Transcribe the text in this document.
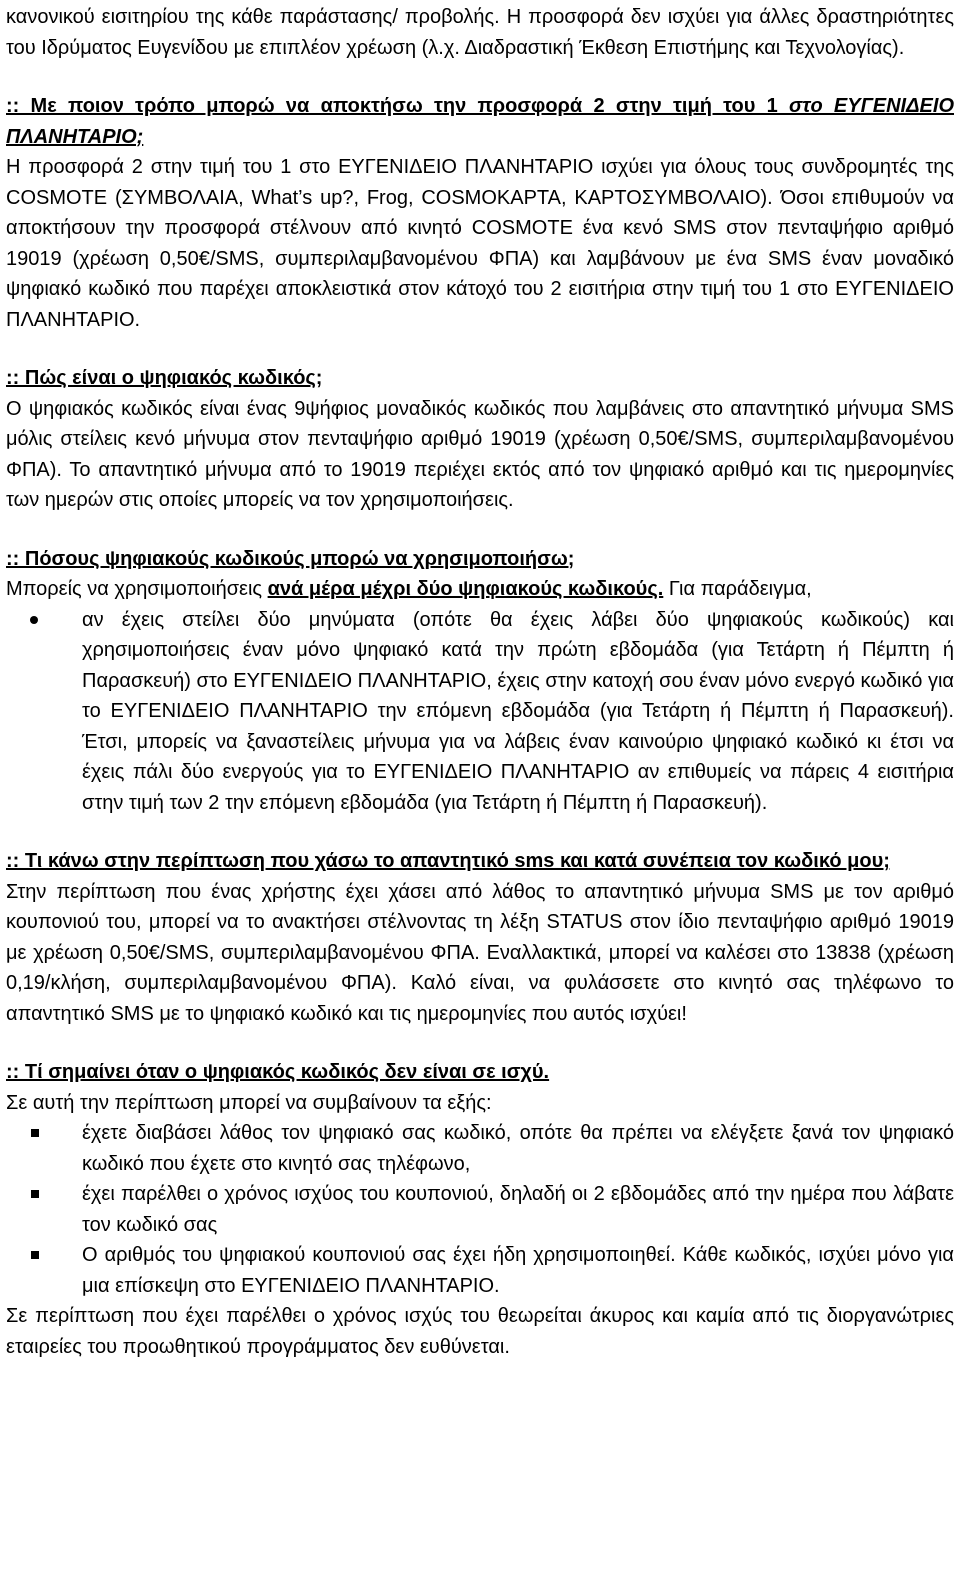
κανονικού εισιτηρίου της κάθε παράστασης/ προβολής. Η προσφορά δεν ισχύει για άλλες δραστηριότητες του Ιδρύματος Ευγενίδου με επιπλέον χρέωση (λ.χ. Διαδραστική Έκθεση Επιστήμης και Τεχνολογίας).

:: Με ποιον τρόπο μπορώ να αποκτήσω την προσφορά 2 στην τιμή του 1 στο ΕΥΓΕΝΙΔΕΙΟ ΠΛΑΝΗΤΑΡΙΟ;

Η προσφορά 2 στην τιμή του 1 στο ΕΥΓΕΝΙΔΕΙΟ ΠΛΑΝΗΤΑΡΙΟ ισχύει για όλους τους συνδρομητές της COSMOTE (ΣΥΜΒΟΛΑΙΑ, What’s up?, Frog, COSMOΚΑΡΤΑ, ΚΑΡΤΟΣΥΜΒΟΛΑΙΟ). Όσοι επιθυμούν να αποκτήσουν την προσφορά στέλνουν από κινητό COSMOTE ένα κενό SMS στον πενταψήφιο αριθμό 19019 (χρέωση 0,50€/SMS, συμπεριλαμβανομένου ΦΠΑ) και λαμβάνουν με ένα SMS έναν μοναδικό ψηφιακό κωδικό που παρέχει αποκλειστικά στον κάτοχό του 2 εισιτήρια στην τιμή του 1 στο ΕΥΓΕΝΙΔΕΙΟ ΠΛΑΝΗΤΑΡΙΟ.

:: Πώς είναι ο ψηφιακός κωδικός;

Ο ψηφιακός κωδικός είναι ένας 9ψήφιος μοναδικός κωδικός που λαμβάνεις στο απαντητικό μήνυμα SMS μόλις στείλεις κενό μήνυμα στον πενταψήφιο αριθμό 19019 (χρέωση 0,50€/SMS, συμπεριλαμβανομένου ΦΠΑ). Το απαντητικό μήνυμα από το 19019 περιέχει εκτός από τον ψηφιακό αριθμό και τις ημερομηνίες των ημερών στις οποίες μπορείς να τον χρησιμοποιήσεις.

:: Πόσους ψηφιακούς κωδικούς μπορώ να χρησιμοποιήσω;

Μπορείς να χρησιμοποιήσεις ανά μέρα μέχρι δύο ψηφιακούς κωδικούς. Για παράδειγμα,

αν έχεις στείλει δύο μηνύματα (οπότε θα έχεις λάβει δύο ψηφιακούς κωδικούς) και χρησιμοποιήσεις έναν μόνο ψηφιακό κατά την πρώτη εβδομάδα (για Τετάρτη ή Πέμπτη ή Παρασκευή) στο ΕΥΓΕΝΙΔΕΙΟ ΠΛΑΝΗΤΑΡΙΟ, έχεις στην κατοχή σου έναν μόνο ενεργό κωδικό για το ΕΥΓΕΝΙΔΕΙΟ ΠΛΑΝΗΤΑΡΙΟ την επόμενη εβδομάδα (για Τετάρτη ή Πέμπτη ή Παρασκευή). Έτσι, μπορείς να ξαναστείλεις μήνυμα για να λάβεις έναν καινούριο ψηφιακό κωδικό κι έτσι να έχεις πάλι δύο ενεργούς για το ΕΥΓΕΝΙΔΕΙΟ ΠΛΑΝΗΤΑΡΙΟ αν επιθυμείς να πάρεις 4 εισιτήρια στην τιμή των 2 την επόμενη εβδομάδα (για Τετάρτη ή Πέμπτη ή Παρασκευή).

:: Τι κάνω στην περίπτωση που χάσω το απαντητικό sms και κατά συνέπεια τον κωδικό μου;

Στην περίπτωση που ένας χρήστης έχει χάσει από λάθος το απαντητικό μήνυμα SMS με τον αριθμό κουπονιού του, μπορεί να το ανακτήσει στέλνοντας τη λέξη STATUS στον ίδιο πενταψήφιο αριθμό 19019 με χρέωση 0,50€/SMS, συμπεριλαμβανομένου ΦΠΑ. Εναλλακτικά, μπορεί να καλέσει στο 13838 (χρέωση 0,19/κλήση, συμπεριλαμβανομένου ΦΠΑ). Καλό είναι, να φυλάσσετε στο κινητό σας τηλέφωνο το απαντητικό SMS με το ψηφιακό κωδικό και τις ημερομηνίες που αυτός ισχύει!

:: Τί σημαίνει όταν ο ψηφιακός κωδικός δεν είναι σε ισχύ.

Σε αυτή την περίπτωση μπορεί να συμβαίνουν τα εξής:

έχετε διαβάσει λάθος τον ψηφιακό σας κωδικό, οπότε θα πρέπει να ελέγξετε ξανά τον ψηφιακό κωδικό που έχετε στο κινητό σας τηλέφωνο,
έχει παρέλθει ο χρόνος ισχύος του κουπονιού, δηλαδή οι 2 εβδομάδες από την ημέρα που λάβατε τον κωδικό σας
Ο αριθμός του ψηφιακού κουπονιού σας έχει ήδη χρησιμοποιηθεί. Κάθε κωδικός, ισχύει μόνο για μια επίσκεψη στο ΕΥΓΕΝΙΔΕΙΟ ΠΛΑΝΗΤΑΡΙΟ.

Σε περίπτωση που έχει παρέλθει ο χρόνος ισχύς του θεωρείται άκυρος και καμία από τις διοργανώτριες εταιρείες του προωθητικού προγράμματος δεν ευθύνεται.
